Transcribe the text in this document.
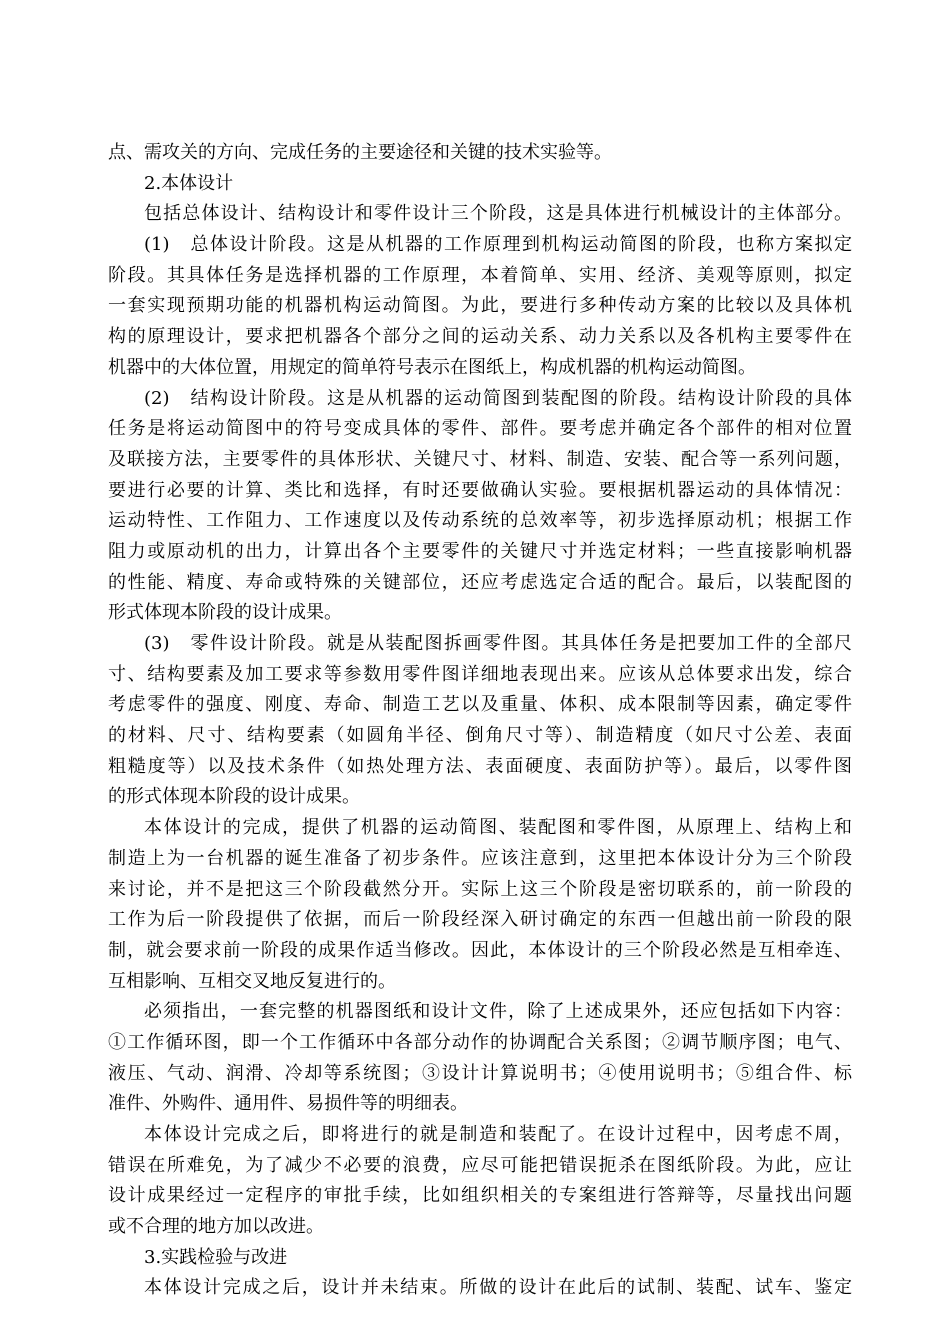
点、需攻关的方向、完成任务的主要途径和关键的技术实验等。
2.本体设计
包括总体设计、结构设计和零件设计三个阶段，这是具体进行机械设计的主体部分。
(1)　总体设计阶段。这是从机器的工作原理到机构运动简图的阶段，也称方案拟定
阶段。其具体任务是选择机器的工作原理，本着简单、实用、经济、美观等原则，拟定
一套实现预期功能的机器机构运动简图。为此，要进行多种传动方案的比较以及具体机
构的原理设计，要求把机器各个部分之间的运动关系、动力关系以及各机构主要零件在
机器中的大体位置，用规定的简单符号表示在图纸上，构成机器的机构运动简图。
(2)　结构设计阶段。这是从机器的运动简图到装配图的阶段。结构设计阶段的具体
任务是将运动简图中的符号变成具体的零件、部件。要考虑并确定各个部件的相对位置
及联接方法，主要零件的具体形状、关键尺寸、材料、制造、安装、配合等一系列问题，
要进行必要的计算、类比和选择，有时还要做确认实验。要根据机器运动的具体情况：
运动特性、工作阻力、工作速度以及传动系统的总效率等，初步选择原动机；根据工作
阻力或原动机的出力，计算出各个主要零件的关键尺寸并选定材料；一些直接影响机器
的性能、精度、寿命或特殊的关键部位，还应考虑选定合适的配合。最后，以装配图的
形式体现本阶段的设计成果。
(3)　零件设计阶段。就是从装配图拆画零件图。其具体任务是把要加工件的全部尺
寸、结构要素及加工要求等参数用零件图详细地表现出来。应该从总体要求出发，综合
考虑零件的强度、刚度、寿命、制造工艺以及重量、体积、成本限制等因素，确定零件
的材料、尺寸、结构要素（如圆角半径、倒角尺寸等）、制造精度（如尺寸公差、表面
粗糙度等）以及技术条件（如热处理方法、表面硬度、表面防护等）。最后，以零件图
的形式体现本阶段的设计成果。
本体设计的完成，提供了机器的运动简图、装配图和零件图，从原理上、结构上和
制造上为一台机器的诞生准备了初步条件。应该注意到，这里把本体设计分为三个阶段
来讨论，并不是把这三个阶段截然分开。实际上这三个阶段是密切联系的，前一阶段的
工作为后一阶段提供了依据，而后一阶段经深入研讨确定的东西一但越出前一阶段的限
制，就会要求前一阶段的成果作适当修改。因此，本体设计的三个阶段必然是互相牵连、
互相影响、互相交叉地反复进行的。
必须指出，一套完整的机器图纸和设计文件，除了上述成果外，还应包括如下内容：
①工作循环图，即一个工作循环中各部分动作的协调配合关系图；②调节顺序图；电气、
液压、气动、润滑、冷却等系统图；③设计计算说明书；④使用说明书；⑤组合件、标
准件、外购件、通用件、易损件等的明细表。
本体设计完成之后，即将进行的就是制造和装配了。在设计过程中，因考虑不周，
错误在所难免，为了减少不必要的浪费，应尽可能把错误扼杀在图纸阶段。为此，应让
设计成果经过一定程序的审批手续，比如组织相关的专案组进行答辩等，尽量找出问题
或不合理的地方加以改进。
3.实践检验与改进
本体设计完成之后，设计并未结束。所做的设计在此后的试制、装配、试车、鉴定
